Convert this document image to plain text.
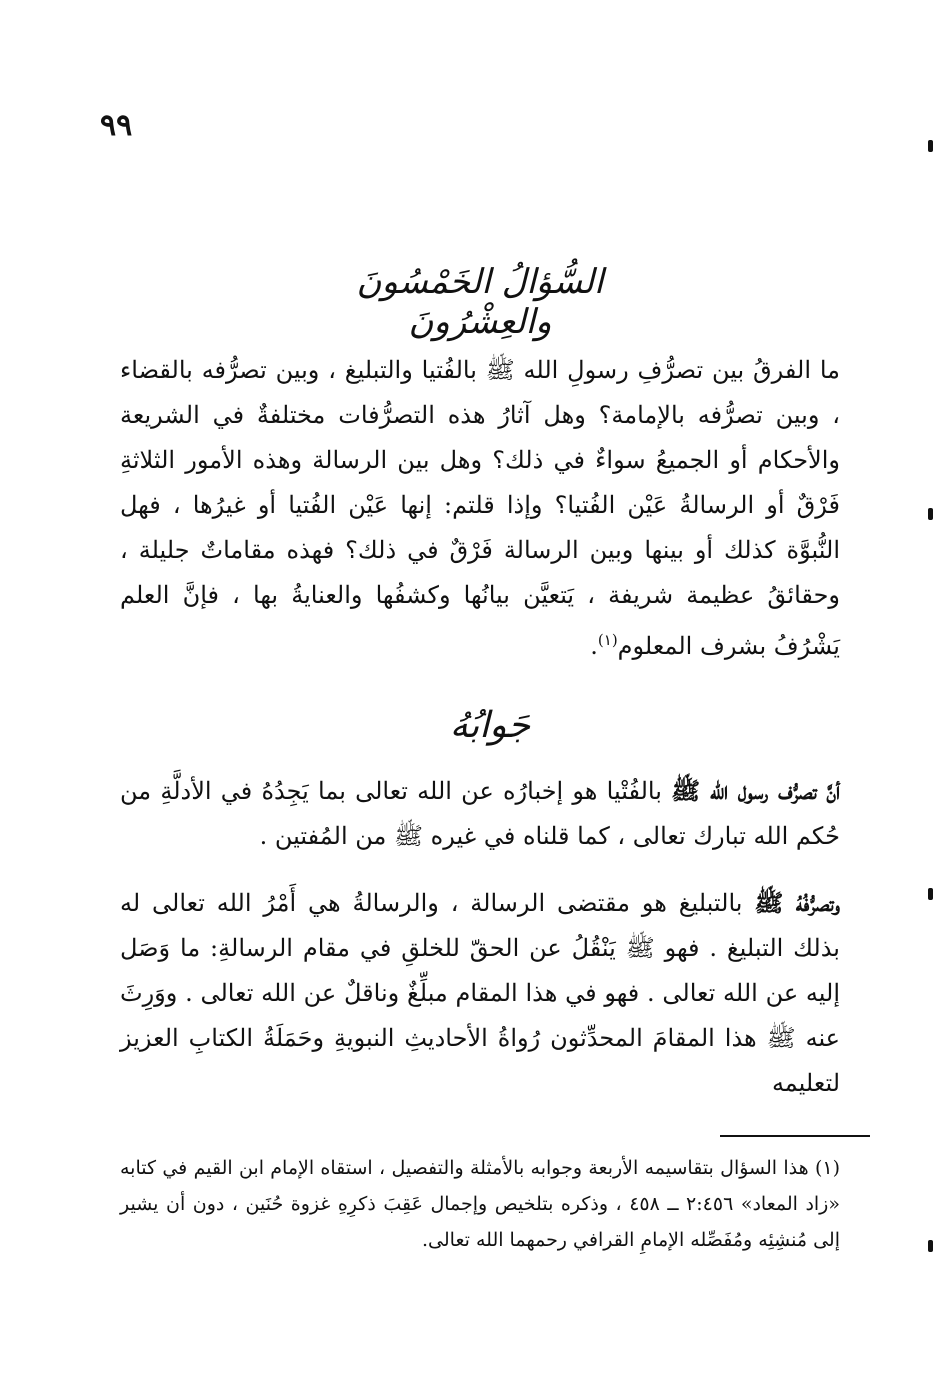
٩٩
السُّؤالُ الخَمْسُونَ والعِشْرُونَ
ما الفرقُ بين تصرُّفِ رسولِ الله ﷺ بالفُتيا والتبليغ ، وبين تصرُّفه بالقضاء ، وبين تصرُّفه بالإمامة؟ وهل آثارُ هذه التصرُّفات مختلفةٌ في الشريعة والأحكام أو الجميعُ سواءٌ في ذلك؟ وهل بين الرسالة وهذه الأمور الثلاثةِ فَرْقٌ أو الرسالةُ عَيْن الفُتيا؟ وإذا قلتم: إنها عَيْن الفُتيا أو غيرُها ، فهل النُّبوَّة كذلك أو بينها وبين الرسالة فَرْقٌ في ذلك؟ فهذه مقاماتٌ جليلة ، وحقائقُ عظيمة شريفة ، يَتعيَّن بيانُها وكشفُها والعنايةُ بها ، فإنَّ العلم يَشْرُفُ بشرف المعلوم$^{(١)}$.
جَوابُهُ
أنَّ تصرُّف رسول الله ﷺ بالفُتْيا هو إخبارُه عن الله تعالى بما يَجِدُهُ في الأدلَّةِ من حُكم الله تبارك تعالى ، كما قلناه في غيره ﷺ من المُفتين .
وتصرُّفُهُ ﷺ بالتبليغ هو مقتضى الرسالة ، والرسالةُ هي أَمْرُ الله تعالى له بذلك التبليغ . فهو ﷺ يَنْقُلُ عن الحقّ للخلقِ في مقام الرسالةِ: ما وَصَل إليه عن الله تعالى . فهو في هذا المقام مبلِّغٌ وناقلٌ عن الله تعالى . ووَرِثَ عنه ﷺ هذا المقامَ المحدِّثون رُواةُ الأحاديثِ النبويةِ وحَمَلَةُ الكتابِ العزيز لتعليمه
(١) هذا السؤال بتقاسيمه الأربعة وجوابه بالأمثلة والتفصيل ، استقاه الإمام ابن القيم في كتابه «زاد المعاد» ٢:٤٥٦ ــ ٤٥٨ ، وذكره بتلخيص وإجمال عَقِبَ ذكرِهِ غزوة حُنَين ، دون أن يشير إلى مُنشِئِه ومُفَصِّله الإمامِ القرافي رحمهما الله تعالى.
